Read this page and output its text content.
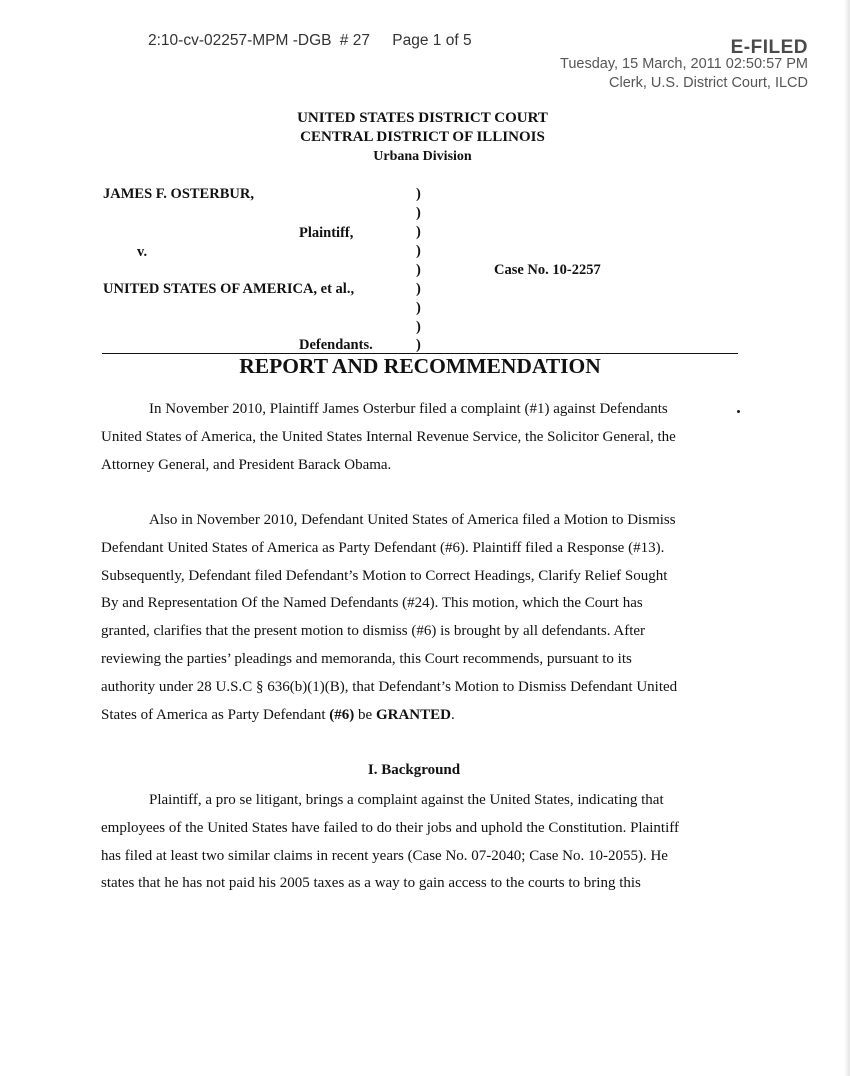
2:10-cv-02257-MPM -DGB # 27 Page 1 of 5	E-FILED
Tuesday, 15 March, 2011 02:50:57 PM
Clerk, U.S. District Court, ILCD
UNITED STATES DISTRICT COURT
CENTRAL DISTRICT OF ILLINOIS
Urbana Division
JAMES F. OSTERBUR,
Plaintiff,
v.
UNITED STATES OF AMERICA, et al.,
Defendants.
Case No. 10-2257
)
)
)
)
)
)
)
)
)
REPORT AND RECOMMENDATION
In November 2010, Plaintiff James Osterbur filed a complaint (#1) against Defendants
United States of America, the United States Internal Revenue Service, the Solicitor General, the
Attorney General, and President Barack Obama.
Also in November 2010, Defendant United States of America filed a Motion to Dismiss
Defendant United States of America as Party Defendant (#6). Plaintiff filed a Response (#13).
Subsequently, Defendant filed Defendant’s Motion to Correct Headings, Clarify Relief Sought
By and Representation Of the Named Defendants (#24). This motion, which the Court has
granted, clarifies that the present motion to dismiss (#6) is brought by all defendants. After
reviewing the parties’ pleadings and memoranda, this Court recommends, pursuant to its
authority under 28 U.S.C § 636(b)(1)(B), that Defendant’s Motion to Dismiss Defendant United
States of America as Party Defendant (#6) be GRANTED.
I. Background
Plaintiff, a pro se litigant, brings a complaint against the United States, indicating that
employees of the United States have failed to do their jobs and uphold the Constitution. Plaintiff
has filed at least two similar claims in recent years (Case No. 07-2040; Case No. 10-2055). He
states that he has not paid his 2005 taxes as a way to gain access to the courts to bring this
